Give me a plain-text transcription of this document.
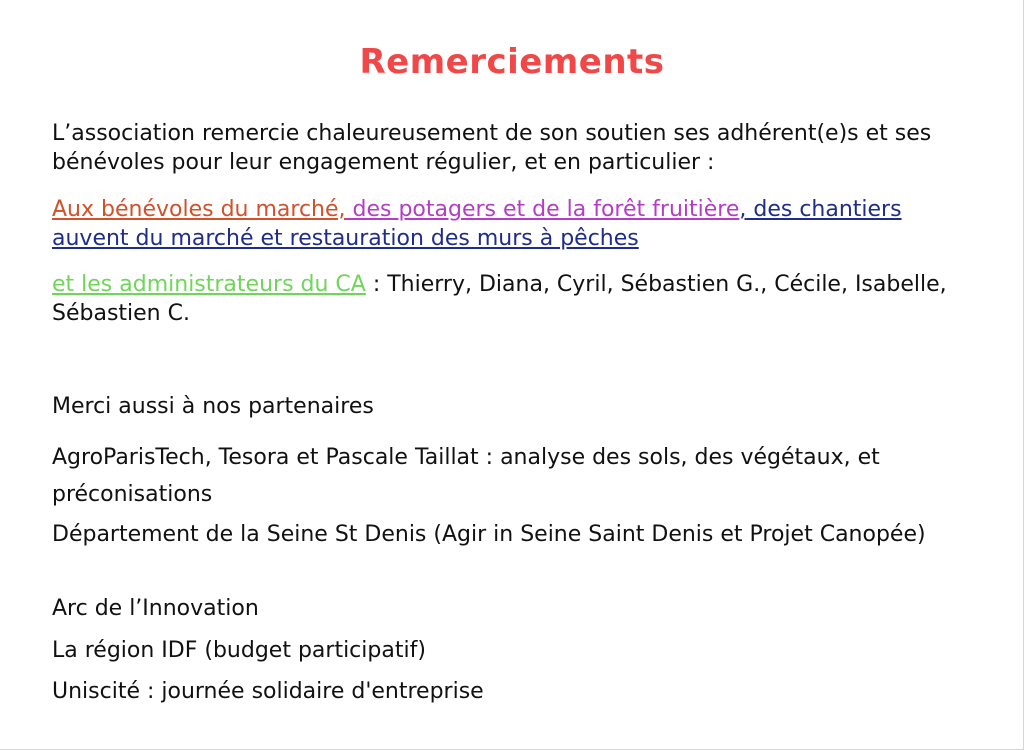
Remerciements
L’association remercie chaleureusement de son soutien ses adhérent(e)s et ses bénévoles pour leur engagement régulier, et en particulier :
Aux bénévoles du marché, des potagers et de la forêt fruitière, des chantiers auvent du marché et restauration des murs à pêches
et les administrateurs du CA : Thierry, Diana, Cyril, Sébastien G., Cécile, Isabelle, Sébastien C.
Merci aussi à nos partenaires
AgroParisTech, Tesora et Pascale Taillat : analyse des sols, des végétaux, et préconisations
Département de la Seine St Denis (Agir in Seine Saint Denis et Projet Canopée)
Arc de l’Innovation
La région IDF (budget participatif)
Uniscité : journée solidaire d'entreprise
